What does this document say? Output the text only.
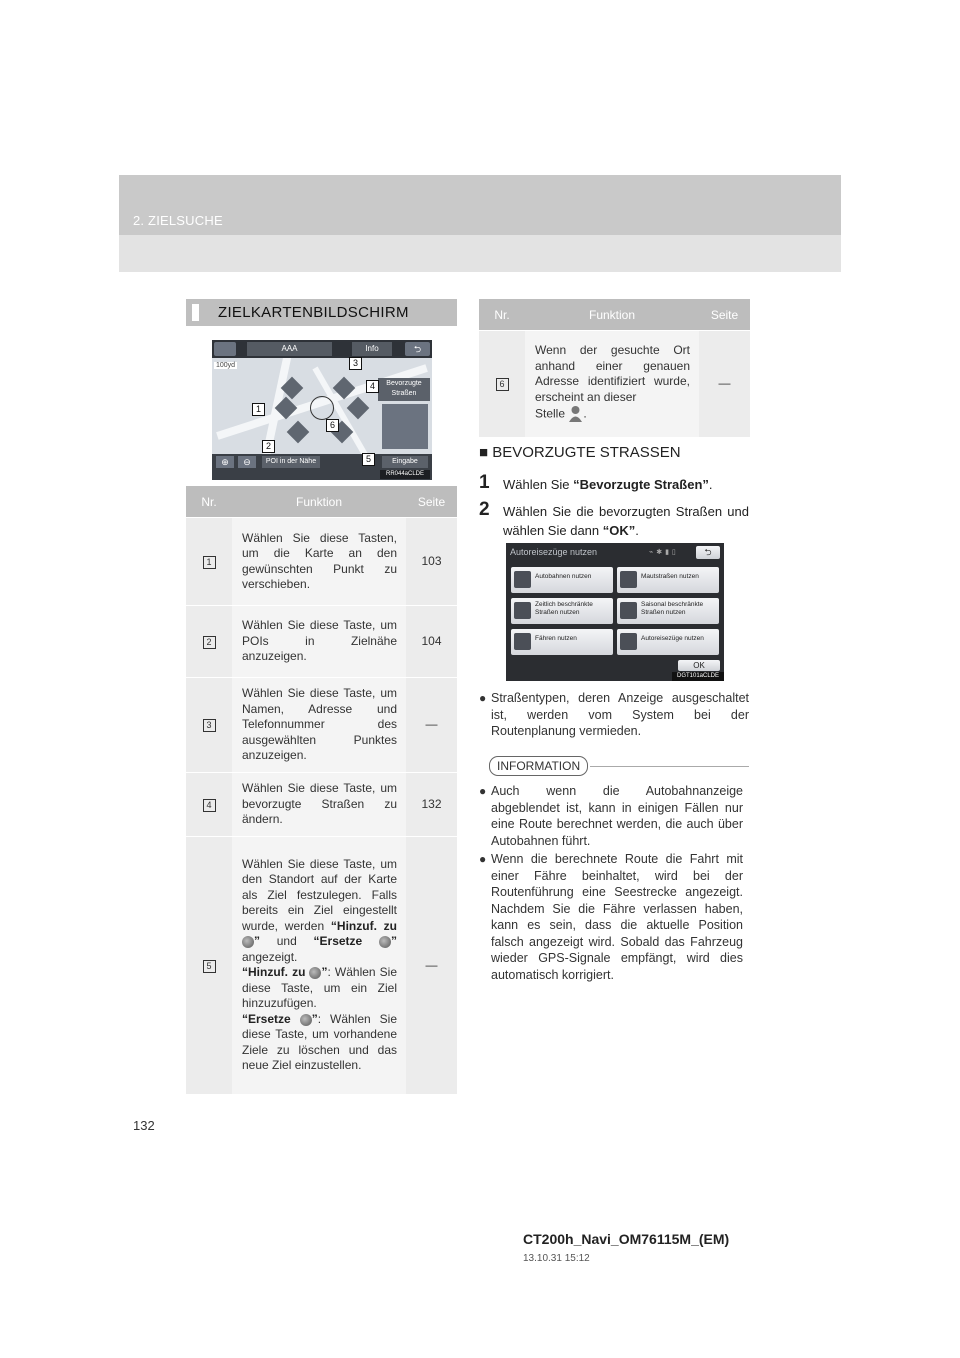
2. ZIELSUCHE
ZIELKARTENBILDSCHIRM
AAA	Info	⮌
100yd
Bevorzugte
Straßen
⊕	⊖	POI in der Nähe	Eingabe
RR044aCLDE
1
2
3
4
5
6
Nr.	Funktion	Seite
1	Wählen Sie diese Tasten, um die Karte an den gewünschten Punkt zu verschieben.	103
2	Wählen Sie diese Taste, um POIs in Zielnähe anzuzeigen.	104
3	Wählen Sie diese Taste, um Namen, Adresse und Telefonnummer des ausgewählten Punktes anzuzeigen.	—
4	Wählen Sie diese Taste, um bevorzugte Straßen zu ändern.	132
5	Wählen Sie diese Taste, um den Standort auf der Karte als Ziel festzulegen. Falls bereits ein Ziel eingestellt wurde, werden “Hinzuf. zu ” und “Ersetze ” angezeigt.
“Hinzuf. zu ”: Wählen Sie diese Taste, um ein Ziel hinzuzufügen.
“Ersetze ”: Wählen Sie diese Taste, um vorhandene Ziele zu löschen und das neue Ziel einzustellen.	—
Nr.	Funktion	Seite
6	Wenn der gesuchte Ort anhand einer genauen Adresse identifiziert wurde, erscheint an dieser
Stelle .	—
■ BEVORZUGTE STRASSEN
1 Wählen Sie “Bevorzugte Straßen”.
2 Wählen Sie die bevorzugten Straßen und wählen Sie dann “OK”.
Autoreisezüge nutzen	⌁✱▮▯	⮌
Autobahnen nutzen	Mautstraßen nutzen
Zeitlich beschränkte
Straßen nutzen
Saisonal beschränkte
Straßen nutzen
Fähren nutzen	Autoreisezüge nutzen
OK
DGT101aCLDE
● Straßentypen, deren Anzeige ausgeschaltet ist, werden vom System bei der Routenplanung vermieden.
INFORMATION
● Auch wenn die Autobahnanzeige abgeblendet ist, kann in einigen Fällen nur eine Route berechnet werden, die auch über Autobahnen führt.
● Wenn die berechnete Route die Fahrt mit einer Fähre beinhaltet, wird bei der Routenführung eine Seestrecke angezeigt. Nachdem Sie die Fähre verlassen haben, kann es sein, dass die aktuelle Position falsch angezeigt wird. Sobald das Fahrzeug wieder GPS-Signale empfängt, wird dies automatisch korrigiert.
132
CT200h_Navi_OM76115M_(EM)
13.10.31 15:12
